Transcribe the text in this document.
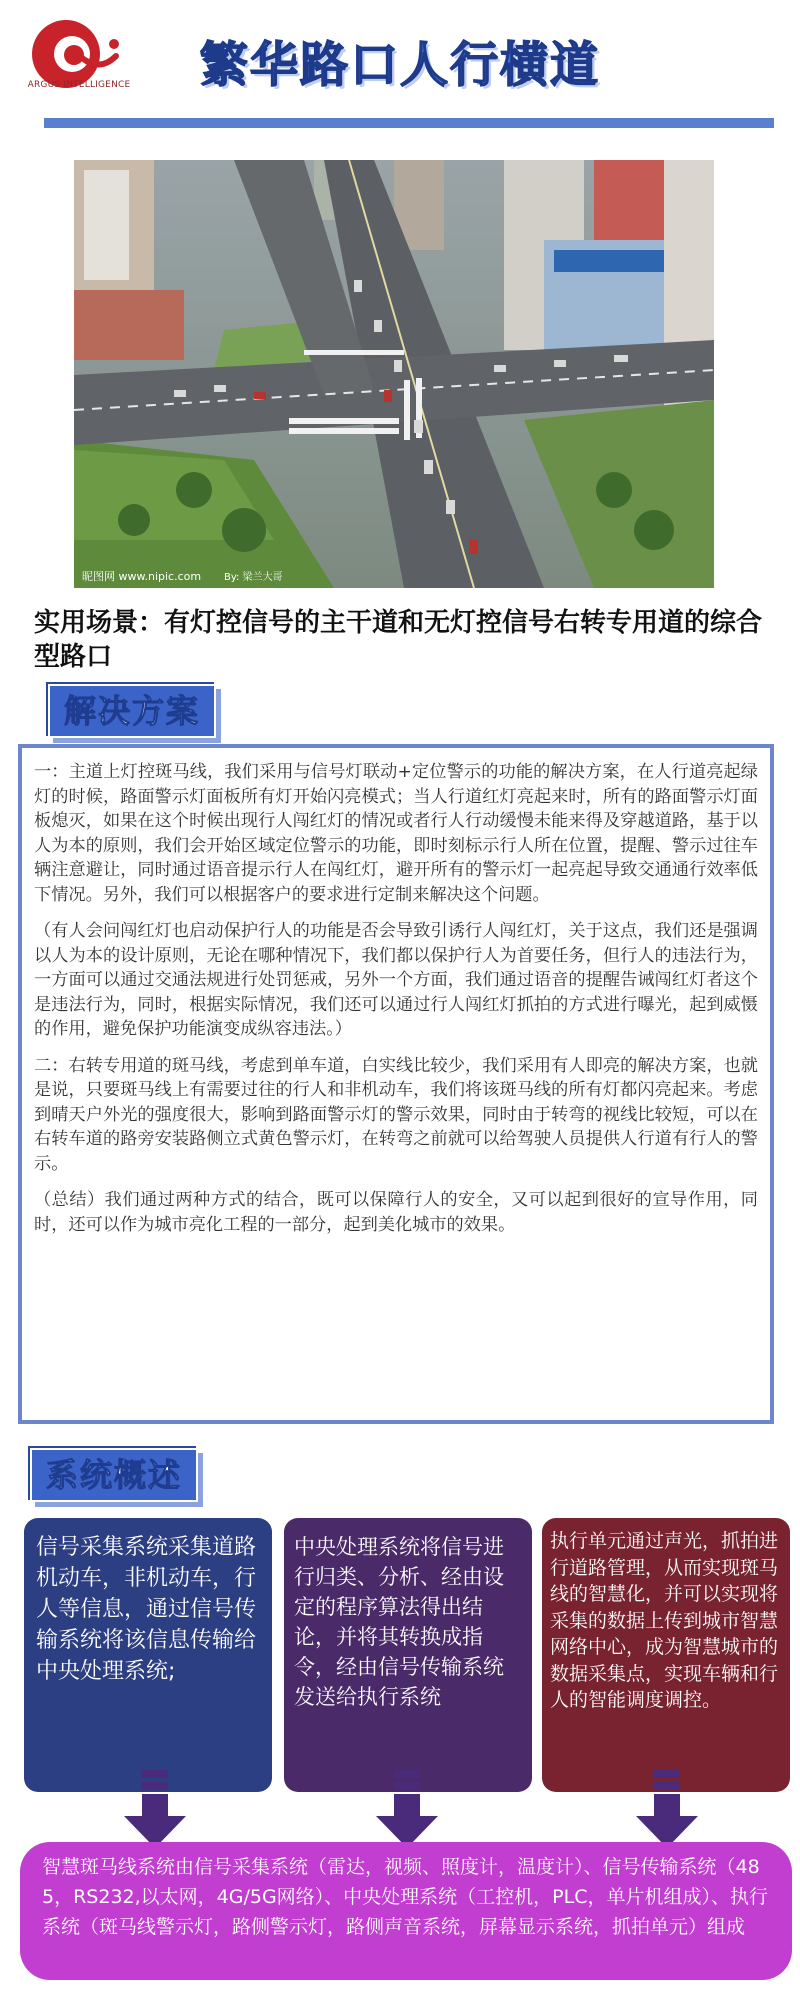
ARGUS INTELLIGENCE 繁华路口人行横道
昵图网 www.nipic.com By: 梁兰大哥
实用场景：有灯控信号的主干道和无灯控信号右转专用道的综合型路口
解决方案

一：主道上灯控斑马线，我们采用与信号灯联动+定位警示的功能的解决方案，在人行道亮起绿灯的时候，路面警示灯面板所有灯开始闪亮模式；当人行道红灯亮起来时，所有的路面警示灯面板熄灭，如果在这个时候出现行人闯红灯的情况或者行人行动缓慢未能来得及穿越道路，基于以人为本的原则，我们会开始区域定位警示的功能，即时刻标示行人所在位置，提醒、警示过往车辆注意避让，同时通过语音提示行人在闯红灯，避开所有的警示灯一起亮起导致交通通行效率低下情况。另外，我们可以根据客户的要求进行定制来解决这个问题。

（有人会问闯红灯也启动保护行人的功能是否会导致引诱行人闯红灯，关于这点，我们还是强调以人为本的设计原则，无论在哪种情况下，我们都以保护行人为首要任务，但行人的违法行为，一方面可以通过交通法规进行处罚惩戒，另外一个方面，我们通过语音的提醒告诫闯红灯者这个是违法行为，同时，根据实际情况，我们还可以通过行人闯红灯抓拍的方式进行曝光，起到威慑的作用，避免保护功能演变成纵容违法。）

二：右转专用道的斑马线，考虑到单车道，白实线比较少，我们采用有人即亮的解决方案，也就是说，只要斑马线上有需要过往的行人和非机动车，我们将该斑马线的所有灯都闪亮起来。考虑到晴天户外光的强度很大，影响到路面警示灯的警示效果，同时由于转弯的视线比较短，可以在右转车道的路旁安装路侧立式黄色警示灯，在转弯之前就可以给驾驶人员提供人行道有行人的警示。

（总结）我们通过两种方式的结合，既可以保障行人的安全，又可以起到很好的宣导作用，同时，还可以作为城市亮化工程的一部分，起到美化城市的效果。

系统概述
信号采集系统采集道路机动车，非机动车，行人等信息，通过信号传输系统将该信息传输给中央处理系统;
中央处理系统将信号进行归类、分析、经由设定的程序算法得出结论，并将其转换成指令，经由信号传输系统发送给执行系统
执行单元通过声光，抓拍进行道路管理，从而实现斑马线的智慧化，并可以实现将采集的数据上传到城市智慧网络中心，成为智慧城市的数据采集点，实现车辆和行人的智能调度调控。
智慧斑马线系统由信号采集系统（雷达，视频、照度计，温度计）、信号传输系统（485，RS232,以太网，4G/5G网络）、中央处理系统（工控机，PLC，单片机组成）、执行系统（斑马线警示灯，路侧警示灯，路侧声音系统，屏幕显示系统，抓拍单元）组成
